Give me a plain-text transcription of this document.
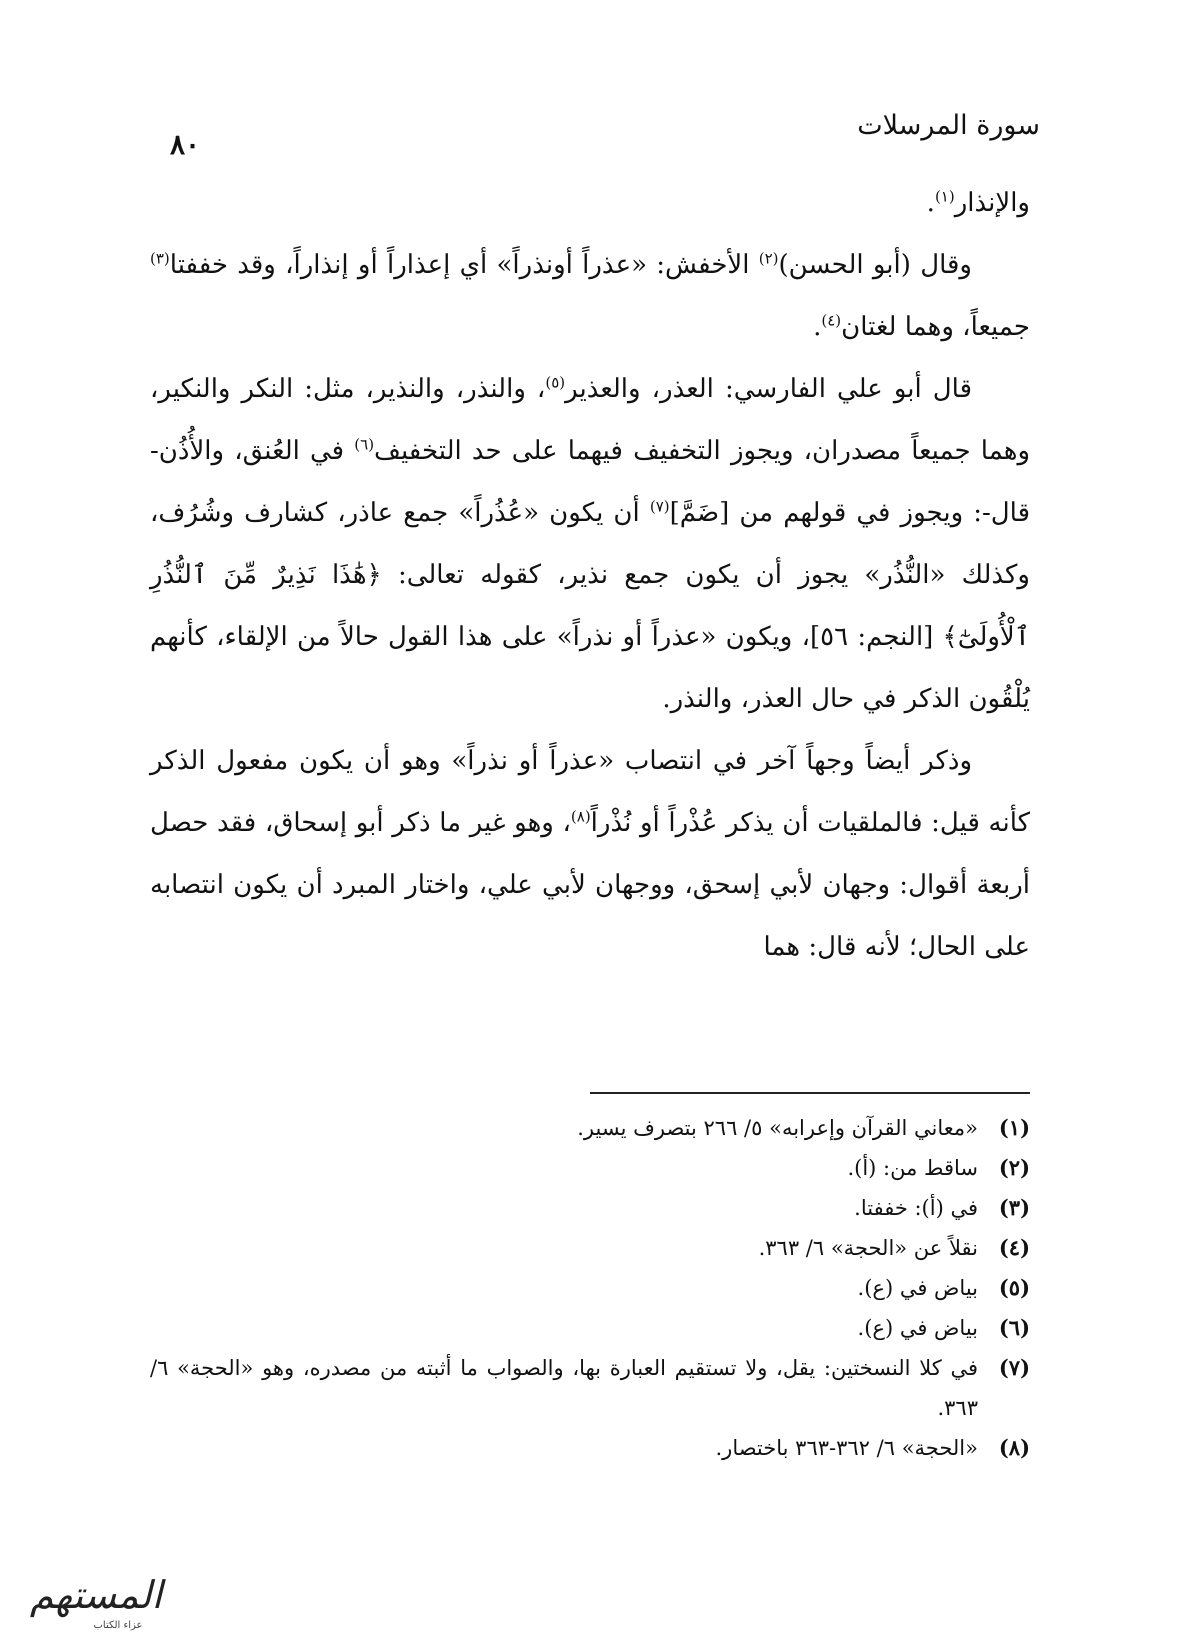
٨٠
سورة المرسلات

والإنذار$^{(١)}$.

وقال (أبو الحسن)$^{(٢)}$ الأخفش: «عذراً أونذراً» أي إعذاراً أو إنذاراً، وقد خففتا$^{(٣)}$ جميعاً، وهما لغتان$^{(٤)}$.

قال أبو علي الفارسي: العذر، والعذير$^{(٥)}$، والنذر، والنذير، مثل: النكر والنكير، وهما جميعاً مصدران، ويجوز التخفيف فيهما على حد التخفيف$^{(٦)}$ في العُنق، والأُذُن- قال-: ويجوز في قولهم من [ضَمَّ]$^{(٧)}$ أن يكون «عُذُراً» جمع عاذر، كشارف وشُرُف، وكذلك «النُّذُر» يجوز أن يكون جمع نذير، كقوله تعالى: ﴿هَٰذَا نَذِيرٌ مِّنَ ٱلنُّذُرِ ٱلْأُولَىٰٓ﴾ [النجم: ٥٦]، ويكون «عذراً أو نذراً» على هذا القول حالاً من الإلقاء، كأنهم يُلْقُون الذكر في حال العذر، والنذر.

وذكر أيضاً وجهاً آخر في انتصاب «عذراً أو نذراً» وهو أن يكون مفعول الذكر كأنه قيل: فالملقيات أن يذكر عُذْراً أو نُذْراً$^{(٨)}$، وهو غير ما ذكر أبو إسحاق، فقد حصل أربعة أقوال: وجهان لأبي إسحق، ووجهان لأبي علي، واختار المبرد أن يكون انتصابه على الحال؛ لأنه قال: هما

(١)
«معاني القرآن وإعرابه» ٥/ ٢٦٦ بتصرف يسير.
(٢)
ساقط من: (أ).
(٣)
في (أ): خففتا.
(٤)
نقلاً عن «الحجة» ٦/ ٣٦٣.
(٥)
بياض في (ع).
(٦)
بياض في (ع).
(٧)
في كلا النسختين: يقل، ولا تستقيم العبارة بها، والصواب ما أثبته من مصدره، وهو «الحجة» ٦/ ٣٦٣.
(٨)
«الحجة» ٦/ ٣٦٢-٣٦٣ باختصار.
المستهم
عزاء الكتاب
